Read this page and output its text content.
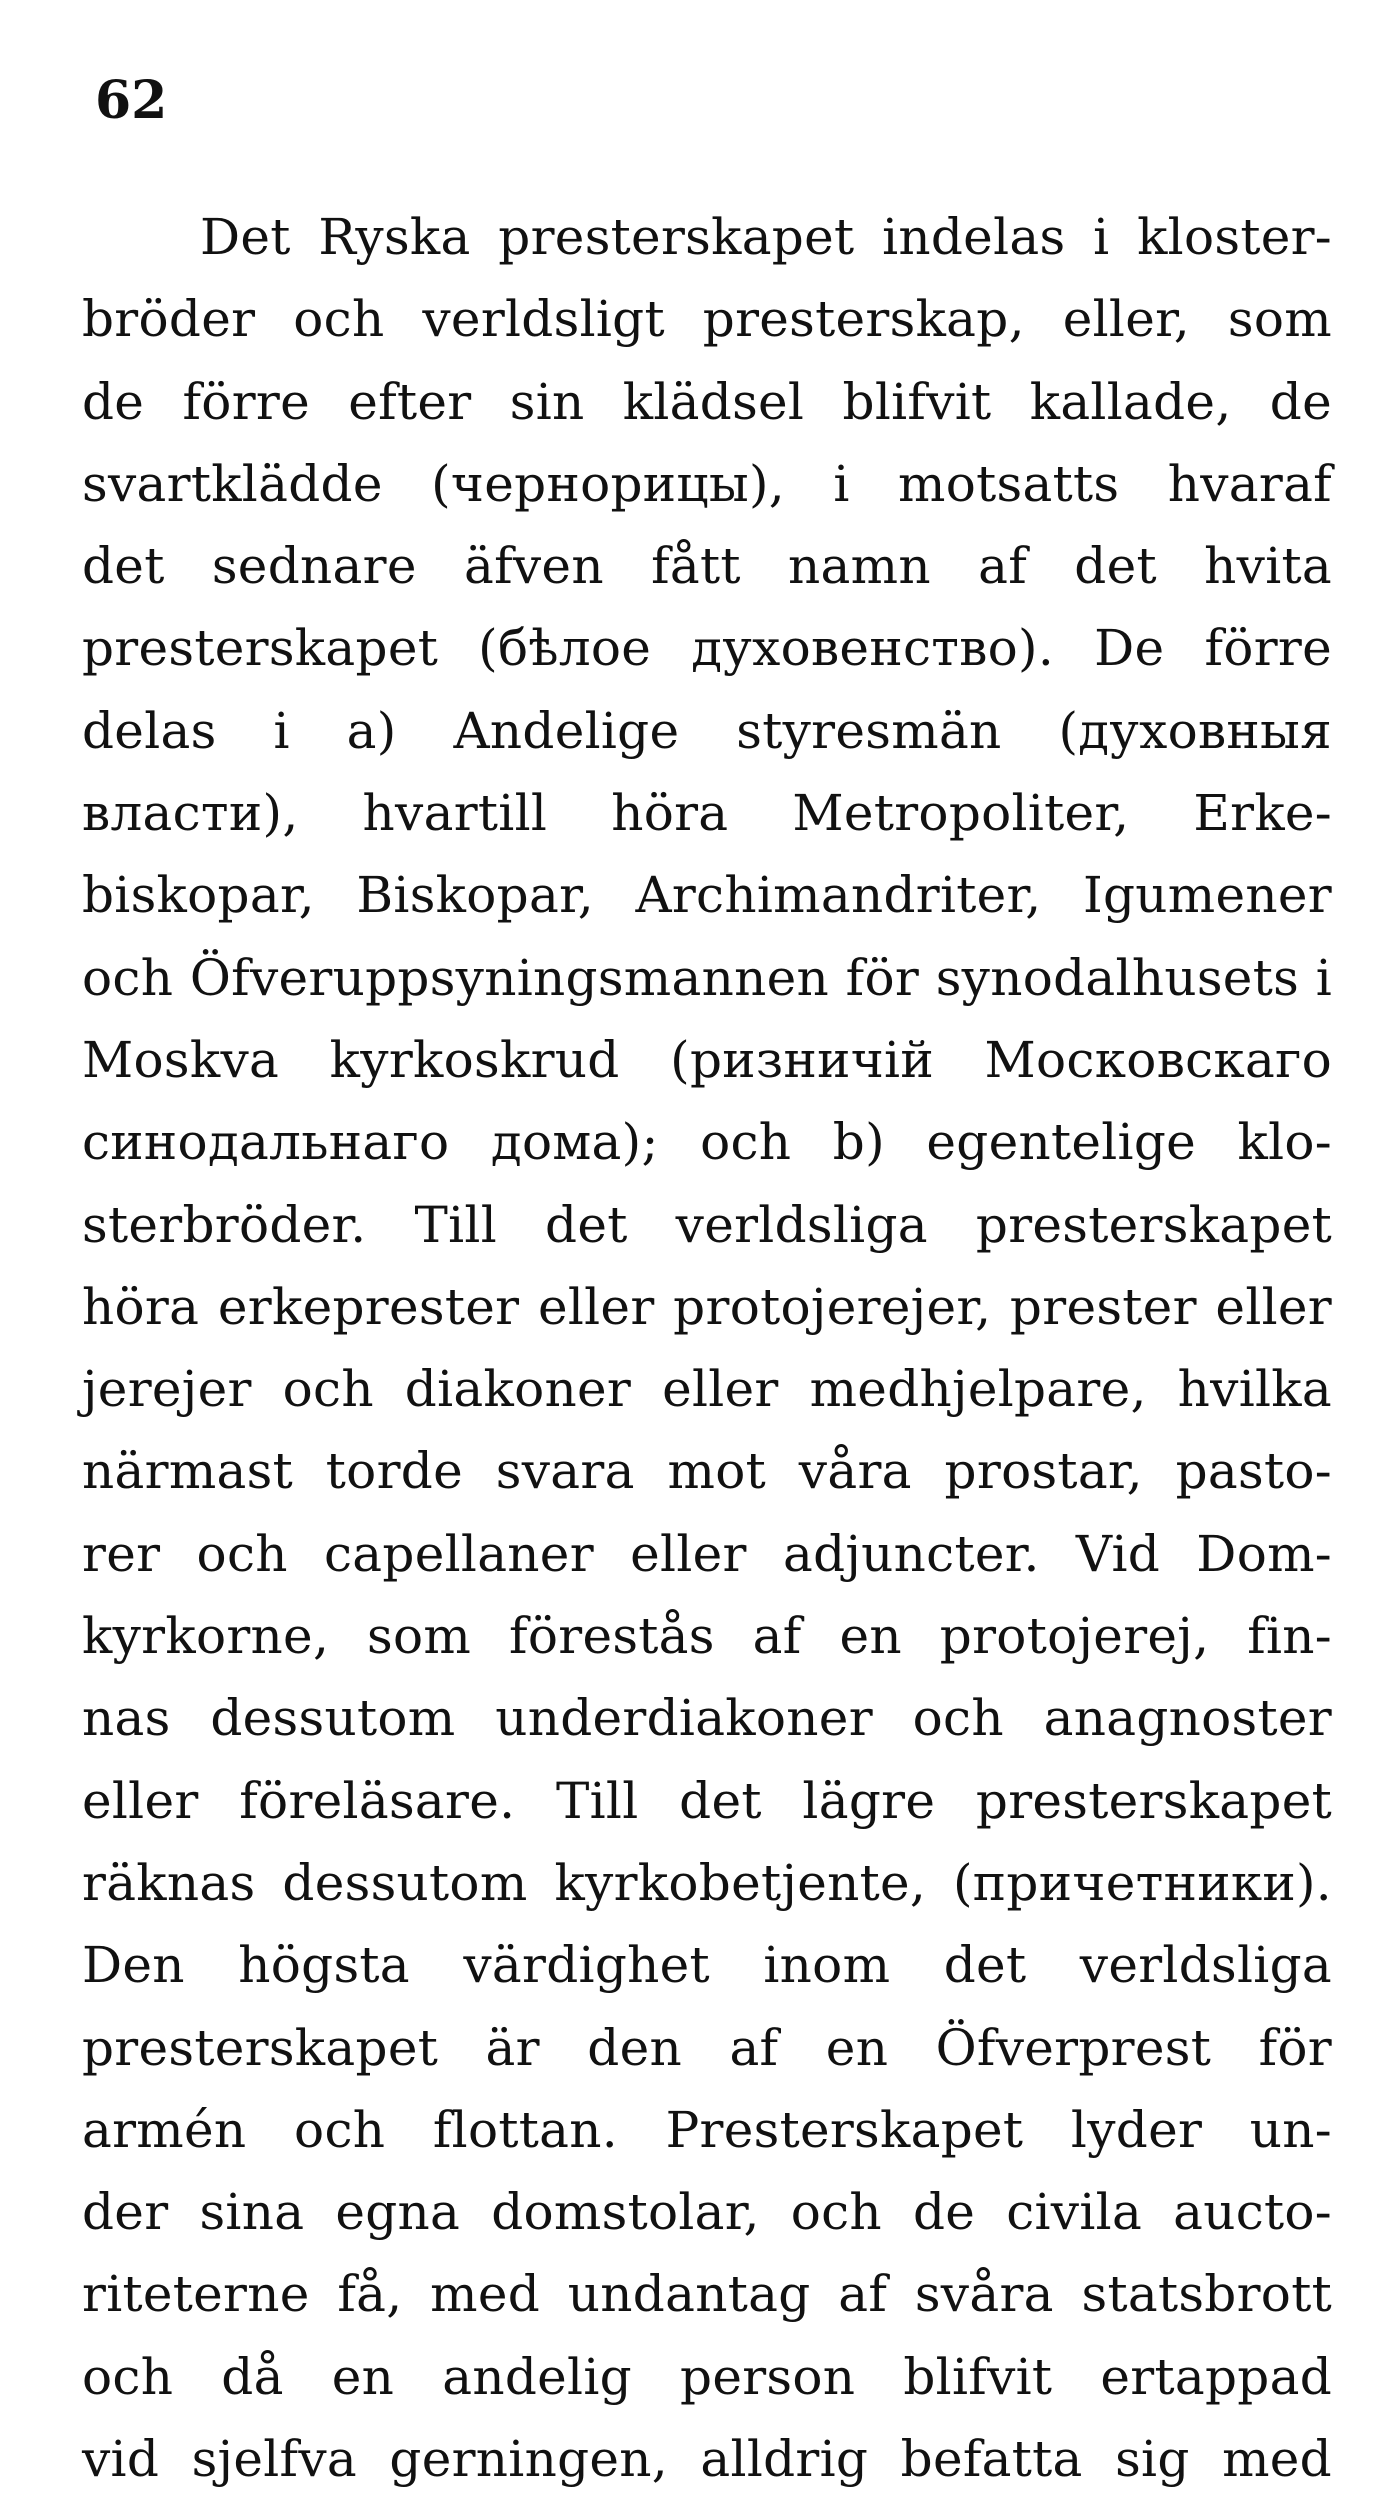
62
Det Ryska presterskapet indelas i kloster-
bröder och verldsligt presterskap, eller, som
de förre efter sin klädsel blifvit kallade, de
svartklädde (чернорицы), i motsatts hvaraf
det sednare äfven fått namn af det hvita
presterskapet (бѣлое духовенство). De förre
delas i a) Andelige styresmän (духовныя
власти), hvartill höra Metropoliter, Erke-
biskopar, Biskopar, Archimandriter, Igumener
och Öfveruppsyningsmannen för synodalhusets i
Moskva kyrkoskrud (ризничій Московскаго
синодальнаго дома); och b) egentelige klo-
sterbröder. Till det verldsliga presterskapet
höra erkeprester eller protojerejer, prester eller
jerejer och diakoner eller medhjelpare, hvilka
närmast torde svara mot våra prostar, pasto-
rer och capellaner eller adjuncter. Vid Dom-
kyrkorne, som förestås af en protojerej, fin-
nas dessutom underdiakoner och anagnoster
eller föreläsare. Till det lägre presterskapet
räknas dessutom kyrkobetjente, (причетники).
Den högsta värdighet inom det verldsliga
presterskapet är den af en Öfverprest för
armén och flottan. Presterskapet lyder un-
der sina egna domstolar, och de civila aucto-
riteterne få, med undantag af svåra statsbrott
och då en andelig person blifvit ertappad
vid sjelfva gerningen, alldrig befatta sig med
